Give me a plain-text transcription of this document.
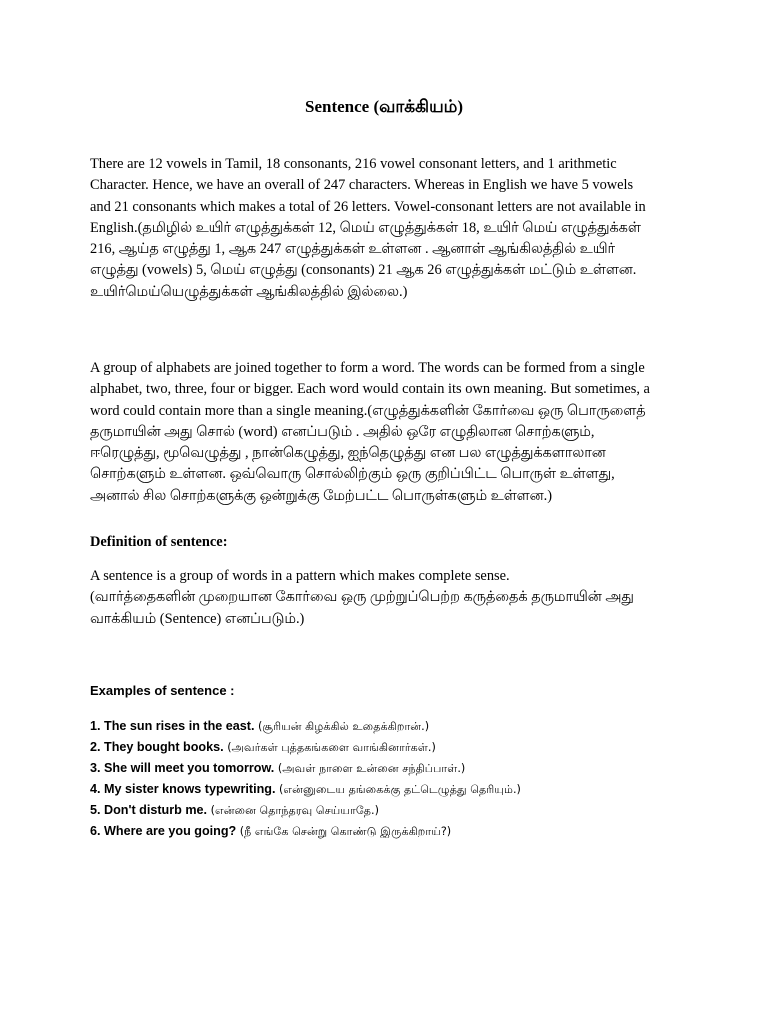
Sentence (வாக்கியம்)
There are 12 vowels in Tamil, 18 consonants, 216 vowel consonant letters, and 1 arithmetic
Character. Hence, we have an overall of 247 characters. Whereas in English we have 5 vowels
and 21 consonants which makes a total of 26 letters. Vowel-consonant letters are not available in
English.(தமிழில் உயிர் எழுத்துக்கள் 12, மெய் எழுத்துக்கள் 18, உயிர் மெய் எழுத்துக்கள்
216, ஆய்த எழுத்து 1, ஆக 247 எழுத்துக்கள் உள்ளன . ஆனாள் ஆங்கிலத்தில் உயிர்
எழுத்து (vowels) 5, மெய் எழுத்து (consonants) 21 ஆக 26 எழுத்துக்கள் மட்டும் உள்ளன.
உயிர்மெய்யெழுத்துக்கள் ஆங்கிலத்தில் இல்லை.)
A group of alphabets are joined together to form a word. The words can be formed from a single
alphabet, two, three, four or bigger. Each word would contain its own meaning. But sometimes, a
word could contain more than a single meaning.(எழுத்துக்களின் கோர்வை ஒரு பொருளைத்
தருமாயின் அது சொல் (word) எனப்படும் . அதில் ஒரே எழுதிலான சொற்களும்,
ஈரெழுத்து, மூவெழுத்து , நான்கெழுத்து, ஐந்தெழுத்து என பல எழுத்துக்களாலான
சொற்களும் உள்ளன. ஒவ்வொரு சொல்லிற்கும் ஒரு குறிப்பிட்ட பொருள் உள்ளது,
அனால் சில சொற்களுக்கு ஒன்றுக்கு மேற்பட்ட பொருள்களும் உள்ளன.)
Definition of sentence:
A sentence is a group of words in a pattern which makes complete sense.
(வார்த்தைகளின் முறையான கோர்வை ஒரு முற்றுப்பெற்ற கருத்தைக் தருமாயின் அது
வாக்கியம் (Sentence) எனப்படும்.)
Examples of sentence :
1. The sun rises in the east. (சூரியன் கிழக்கில் உதைக்கிறான்.)
2. They bought books. (அவர்கள் புத்தகங்களை வாங்கினார்கள்.)
3. She will meet you tomorrow. (அவள் நாளை உன்னை சந்திப்பாள்.)
4. My sister knows typewriting. (என்னுடைய தங்கைக்கு தட்டெழுத்து தெரியும்.)
5. Don't disturb me. (என்னை தொந்தரவு செய்யாதே.)
6. Where are you going? (நீ எங்கே சென்று கொண்டு இருக்கிறாய்?)
